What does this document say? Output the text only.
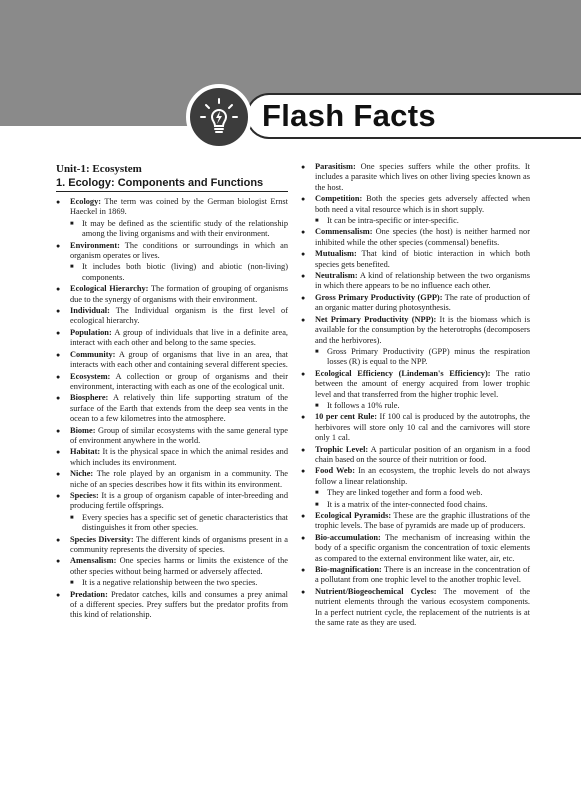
Flash Facts
Unit-1: Ecosystem
1. Ecology: Components and Functions
● Ecology: The term was coined by the German biologist Ernst Haeckel in 1869.
■ It may be defined as the scientific study of the relationship among the living organisms and with their environment.
● Environment: The conditions or surroundings in which an organism operates or lives.
■ It includes both biotic (living) and abiotic (non-living) components.
● Ecological Hierarchy: The formation of grouping of organisms due to the synergy of organisms with their environment.
● Individual: The Individual organism is the first level of ecological hierarchy.
● Population: A group of individuals that live in a definite area, interact with each other and belong to the same species.
● Community: A group of organisms that live in an area, that interacts with each other and containing several different species.
● Ecosystem: A collection or group of organisms and their environment, interacting with each as one of the ecological unit.
● Biosphere: A relatively thin life supporting stratum of the surface of the Earth that extends from the deep sea vents in the ocean to a few kilometres into the atmosphere.
● Biome: Group of similar ecosystems with the same general type of environment anywhere in the world.
● Habitat: It is the physical space in which the animal resides and which includes its environment.
● Niche: The role played by an organism in a community. The niche of an species describes how it fits within its environment.
● Species: It is a group of organism capable of inter-breeding and producing fertile offsprings.
■ Every species has a specific set of genetic characteristics that distinguishes it from other species.
● Species Diversity: The different kinds of organisms present in a community represents the diversity of species.
● Amensalism: One species harms or limits the existence of the other species without being harmed or adversely affected.
■ It is a negative relationship between the two species.
● Predation: Predator catches, kills and consumes a prey animal of a different species. Prey suffers but the predator profits from this kind of relationship.
● Parasitism: One species suffers while the other profits. It includes a parasite which lives on other living species known as the host.
● Competition: Both the species gets adversely affected when both need a vital resource which is in short supply.
■ It can be intra-specific or inter-specific.
● Commensalism: One species (the host) is neither harmed nor inhibited while the other species (commensal) benefits.
● Mutualism: That kind of biotic interaction in which both species gets benefited.
● Neutralism: A kind of relationship between the two organisms in which there appears to be no influence each other.
● Gross Primary Productivity (GPP): The rate of production of an organic matter during photosynthesis.
● Net Primary Productivity (NPP): It is the biomass which is available for the consumption by the heterotrophs (decomposers and the herbivores).
■ Gross Primary Productivity (GPP) minus the respiration losses (R) is equal to the NPP.
● Ecological Efficiency (Lindeman's Efficiency): The ratio between the amount of energy acquired from lower trophic level and that transferred from the higher trophic level.
■ It follows a 10% rule.
● 10 per cent Rule: If 100 cal is produced by the autotrophs, the herbivores will store only 10 cal and the carnivores will store only 1 cal.
● Trophic Level: A particular position of an organism in a food chain based on the source of their nutrition or food.
● Food Web: In an ecosystem, the trophic levels do not always follow a linear relationship.
■ They are linked together and form a food web.
■ It is a matrix of the inter-connected food chains.
● Ecological Pyramids: These are the graphic illustrations of the trophic levels. The base of pyramids are made up of producers.
● Bio-accumulation: The mechanism of increasing within the body of a specific organism the concentration of toxic elements as compared to the external environment like water, air, etc.
● Bio-magnification: There is an increase in the concentration of a pollutant from one trophic level to the another trophic level.
● Nutrient/Biogeochemical Cycles: The movement of the nutrient elements through the various ecosystem components. In a perfect nutrient cycle, the replacement of the nutrients is at the same rate as they are used.
